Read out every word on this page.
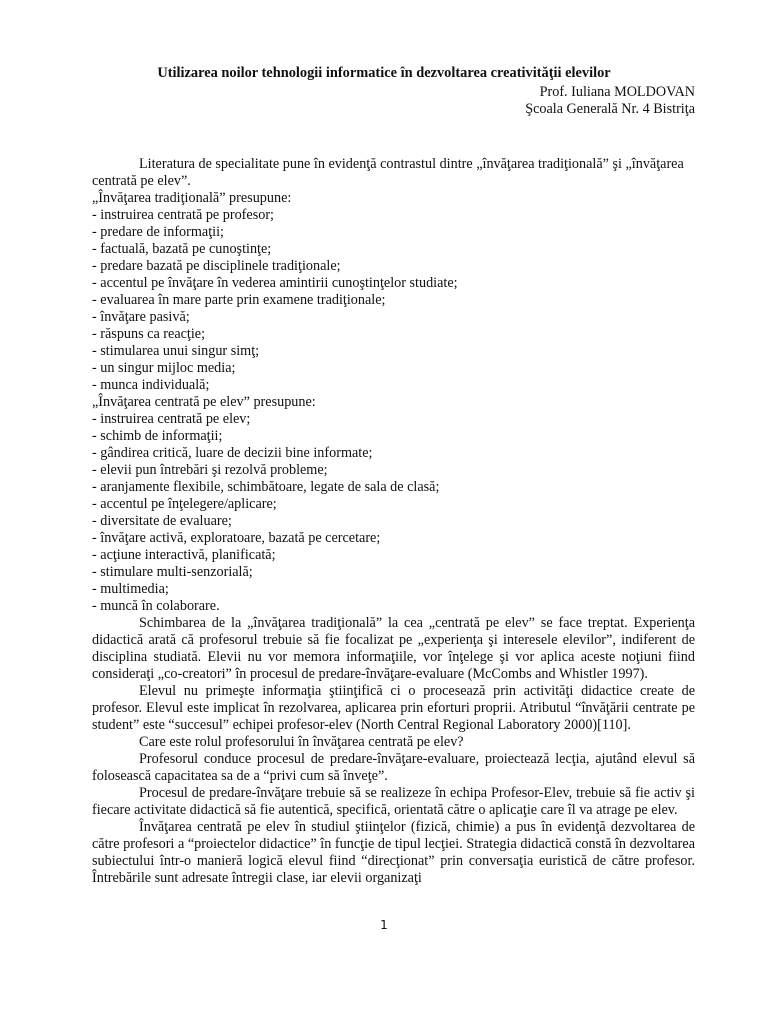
Utilizarea noilor tehnologii informatice în dezvoltarea creativităţii elevilor
Prof. Iuliana MOLDOVAN
Şcoala Generală Nr. 4 Bistriţa

Literatura de specialitate pune în evidenţă contrastul dintre „învăţarea tradiţională” şi „învăţarea centrată pe elev”.

„Învăţarea tradiţională” presupune:

- instruirea centrată pe profesor;
- predare de informaţii;
- factuală, bazată pe cunoştinţe;
- predare bazată pe disciplinele tradiţionale;
- accentul pe învăţare în vederea amintirii cunoştinţelor studiate;
- evaluarea în mare parte prin examene tradiţionale;
- învăţare pasivă;
- răspuns ca reacţie;
- stimularea unui singur simţ;
- un singur mijloc media;
- munca individuală;

„Învăţarea centrată pe elev” presupune:

- instruirea centrată pe elev;
- schimb de informaţii;
- gândirea critică, luare de decizii bine informate;
- elevii pun întrebări şi rezolvă probleme;
- aranjamente flexibile, schimbătoare, legate de sala de clasă;
- accentul pe înţelegere/aplicare;
- diversitate de evaluare;
- învăţare activă, exploratoare, bazată pe cercetare;
- acţiune interactivă, planificată;
- stimulare multi-senzorială;
- multimedia;
- muncă în colaborare.

Schimbarea de la „învăţarea tradiţională” la cea „centrată pe elev” se face treptat. Experienţa didactică arată că profesorul trebuie să fie focalizat pe „experienţa şi interesele elevilor”, indiferent de disciplina studiată. Elevii nu vor memora informaţiile, vor înţelege şi vor aplica aceste noţiuni fiind consideraţi „co-creatori” în procesul de predare-învăţare-evaluare (McCombs and Whistler 1997).

Elevul nu primeşte informaţia ştiinţifică ci o procesează prin activităţi didactice create de profesor. Elevul este implicat în rezolvarea, aplicarea prin eforturi proprii. Atributul “învăţării centrate pe student” este “succesul” echipei profesor-elev (North Central Regional Laboratory 2000)[110].

Care este rolul profesorului în învăţarea centrată pe elev?

Profesorul conduce procesul de predare-învăţare-evaluare, proiectează lecţia, ajutând elevul să folosească capacitatea sa de a “privi cum să înveţe”.

Procesul de predare-învăţare trebuie să se realizeze în echipa Profesor-Elev, trebuie să fie activ şi fiecare activitate didactică să fie autentică, specifică, orientată către o aplicaţie care îl va atrage pe elev.

Învăţarea centrată pe elev în studiul ştiinţelor (fizică, chimie) a pus în evidenţă dezvoltarea de către profesori a “proiectelor didactice” în funcţie de tipul lecţiei. Strategia didactică constă în dezvoltarea subiectului într-o manieră logică elevul fiind “direcţionat” prin conversaţia euristică de către profesor. Întrebările sunt adresate întregii clase, iar elevii organizaţi

1
